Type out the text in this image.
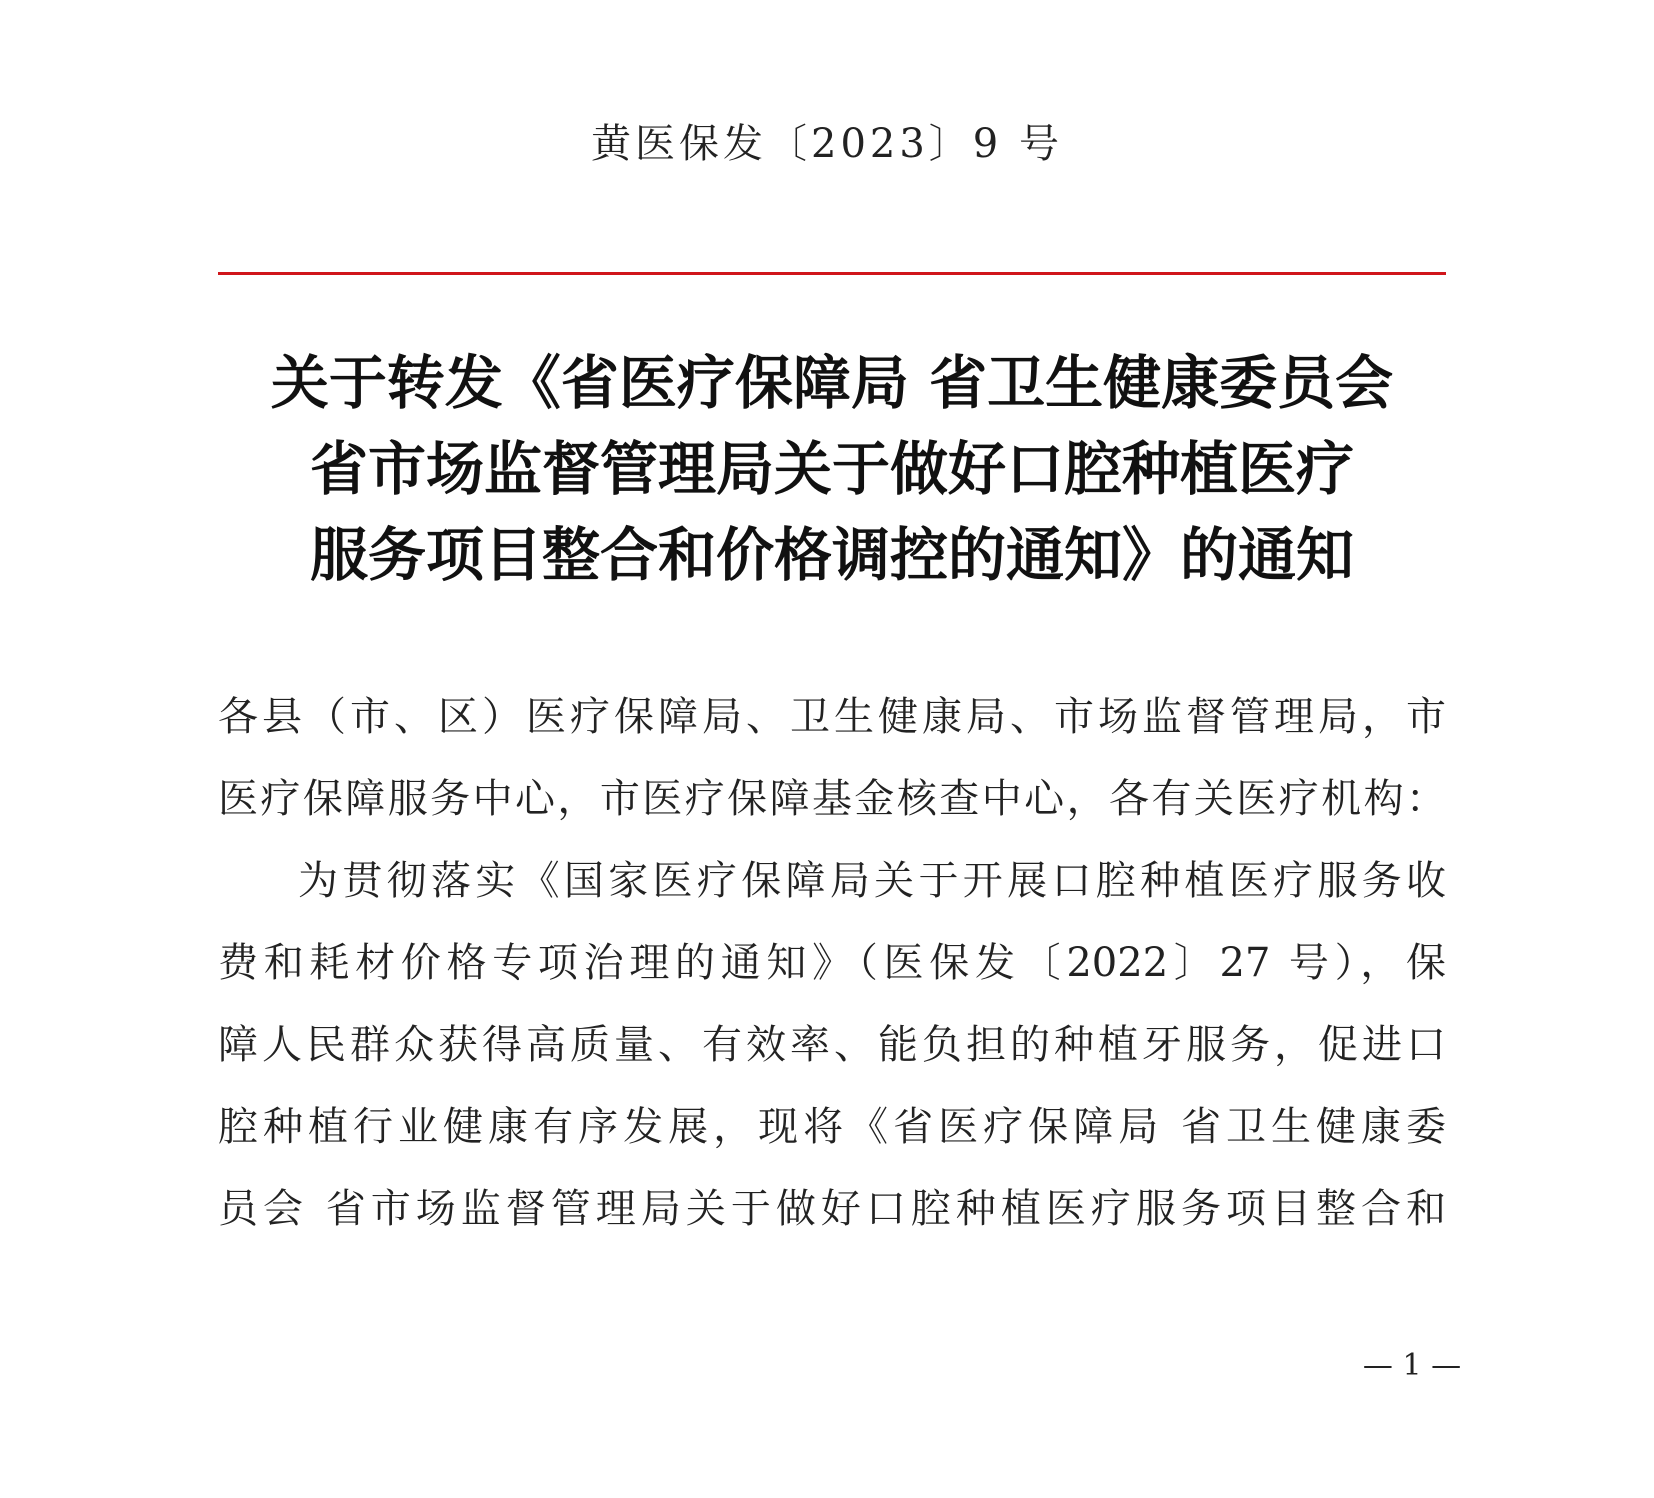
黄医保发〔2023〕9 号
关于转发《省医疗保障局 省卫生健康委员会
省市场监督管理局关于做好口腔种植医疗
服务项目整合和价格调控的通知》的通知
各县（市、区）医疗保障局、卫生健康局、市场监督管理局，市
医疗保障服务中心，市医疗保障基金核查中心，各有关医疗机构：
为贯彻落实《国家医疗保障局关于开展口腔种植医疗服务收
费和耗材价格专项治理的通知》（医保发〔2022〕27 号），保
障人民群众获得高质量、有效率、能负担的种植牙服务，促进口
腔种植行业健康有序发展，现将《省医疗保障局 省卫生健康委
员会 省市场监督管理局关于做好口腔种植医疗服务项目整合和
— 1 —
